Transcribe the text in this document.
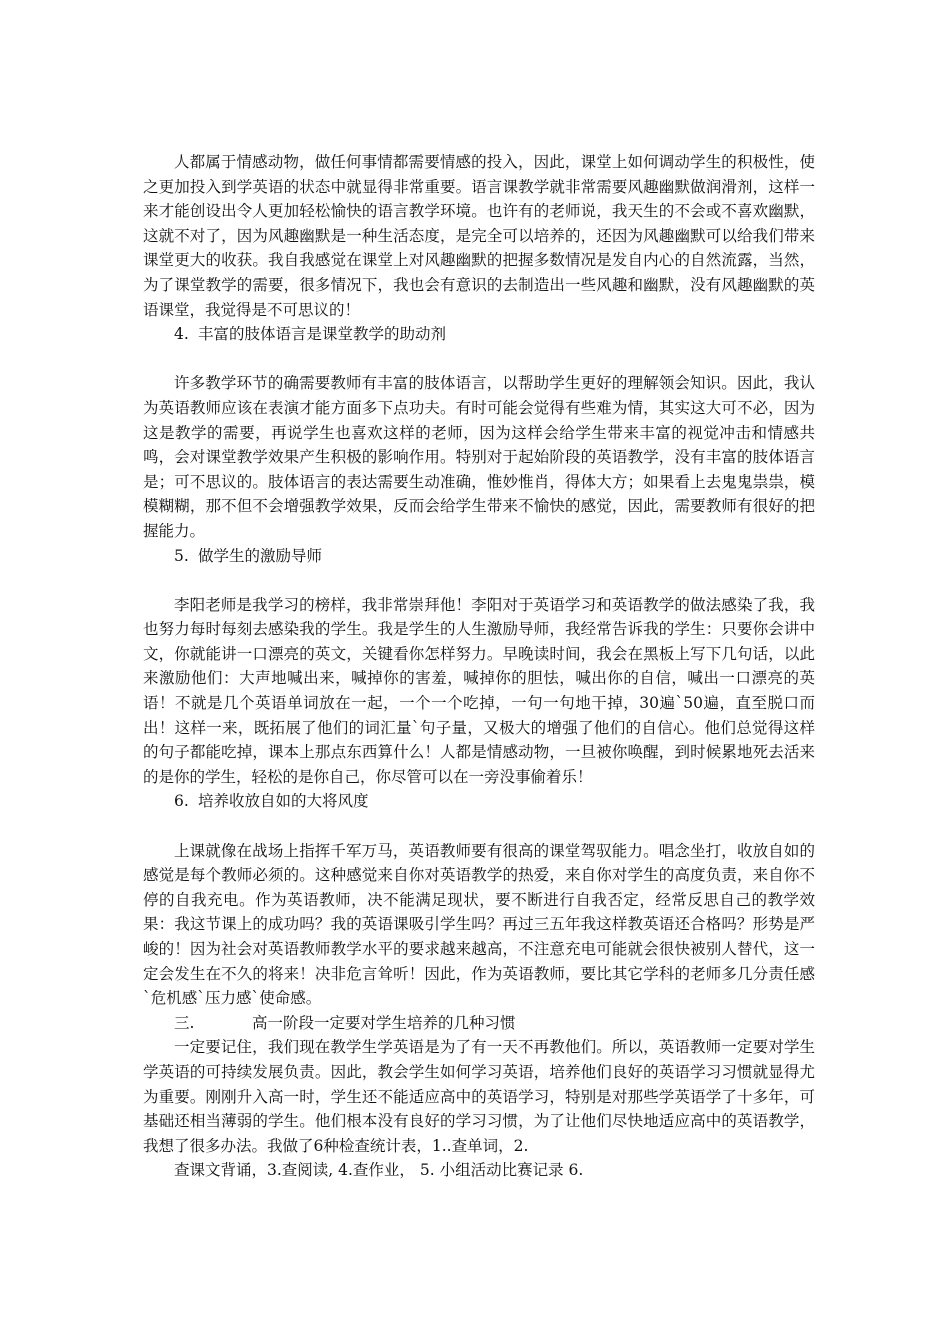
人都属于情感动物，做任何事情都需要情感的投入，因此，课堂上如何调动学生的积极性，使之更加投入到学英语的状态中就显得非常重要。语言课教学就非常需要风趣幽默做润滑剂，这样一来才能创设出令人更加轻松愉快的语言教学环境。也许有的老师说，我天生的不会或不喜欢幽默，这就不对了，因为风趣幽默是一种生活态度，是完全可以培养的，还因为风趣幽默可以给我们带来课堂更大的收获。我自我感觉在课堂上对风趣幽默的把握多数情况是发自内心的自然流露，当然，为了课堂教学的需要，很多情况下，我也会有意识的去制造出一些风趣和幽默，没有风趣幽默的英语课堂，我觉得是不可思议的！

4. 丰富的肢体语言是课堂教学的助动剂

许多教学环节的确需要教师有丰富的肢体语言，以帮助学生更好的理解领会知识。因此，我认为英语教师应该在表演才能方面多下点功夫。有时可能会觉得有些难为情，其实这大可不必，因为这是教学的需要，再说学生也喜欢这样的老师，因为这样会给学生带来丰富的视觉冲击和情感共鸣，会对课堂教学效果产生积极的影响作用。特别对于起始阶段的英语教学，没有丰富的肢体语言是；可不思议的。肢体语言的表达需要生动准确，惟妙惟肖，得体大方；如果看上去鬼鬼祟祟，模模糊糊，那不但不会增强教学效果，反而会给学生带来不愉快的感觉，因此，需要教师有很好的把握能力。

5. 做学生的激励导师

李阳老师是我学习的榜样，我非常崇拜他！李阳对于英语学习和英语教学的做法感染了我，我也努力每时每刻去感染我的学生。我是学生的人生激励导师，我经常告诉我的学生：只要你会讲中文，你就能讲一口漂亮的英文，关键看你怎样努力。早晚读时间，我会在黑板上写下几句话，以此来激励他们：大声地喊出来，喊掉你的害羞，喊掉你的胆怯，喊出你的自信，喊出一口漂亮的英语！不就是几个英语单词放在一起，一个一个吃掉，一句一句地干掉，30遍`50遍，直至脱口而出！这样一来，既拓展了他们的词汇量`句子量，又极大的增强了他们的自信心。他们总觉得这样的句子都能吃掉，课本上那点东西算什么！人都是情感动物，一旦被你唤醒，到时候累地死去活来的是你的学生，轻松的是你自己，你尽管可以在一旁没事偷着乐！

6. 培养收放自如的大将风度

上课就像在战场上指挥千军万马，英语教师要有很高的课堂驾驭能力。唱念坐打，收放自如的感觉是每个教师必须的。这种感觉来自你对英语教学的热爱，来自你对学生的高度负责，来自你不停的自我充电。作为英语教师，决不能满足现状，要不断进行自我否定，经常反思自己的教学效果：我这节课上的成功吗？我的英语课吸引学生吗？再过三五年我这样教英语还合格吗？形势是严峻的！因为社会对英语教师教学水平的要求越来越高，不注意充电可能就会很快被别人替代，这一定会发生在不久的将来！决非危言耸听！因此，作为英语教师，要比其它学科的老师多几分责任感`危机感`压力感`使命感。

三.	高一阶段一定要对学生培养的几种习惯

一定要记住，我们现在教学生学英语是为了有一天不再教他们。所以，英语教师一定要对学生学英语的可持续发展负责。因此，教会学生如何学习英语，培养他们良好的英语学习习惯就显得尤为重要。刚刚升入高一时，学生还不能适应高中的英语学习，特别是对那些学英语学了十多年，可基础还相当薄弱的学生。他们根本没有良好的学习习惯，为了让他们尽快地适应高中的英语教学，我想了很多办法。我做了6种检查统计表，1..查单词，2.

查课文背诵，3.查阅读, 4.查作业， 5. 小组活动比赛记录 6.
